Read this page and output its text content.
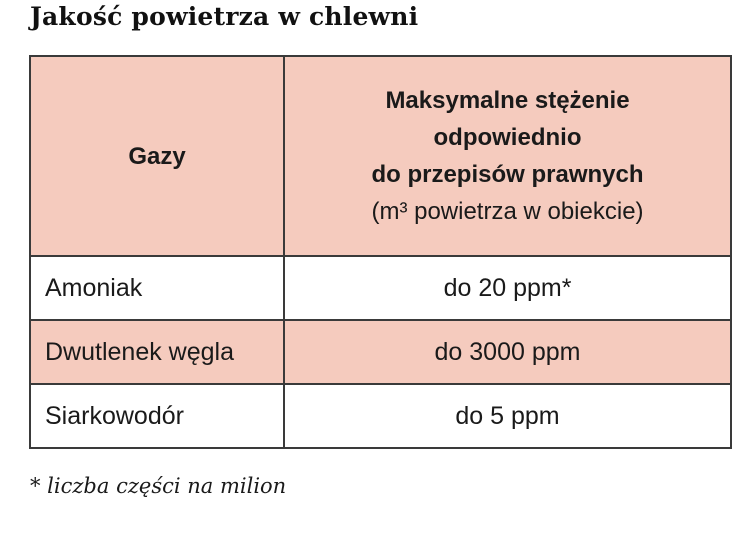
Jakość powietrza w chlewni
Gazy	Maksymalne stężenie
odpowiednio
do przepisów prawnych
(m³ powietrza w obiekcie)

Amoniak	do 20 ppm*
Dwutlenek węgla	do 3000 ppm
Siarkowodór	do 5 ppm
* liczba części na milion
